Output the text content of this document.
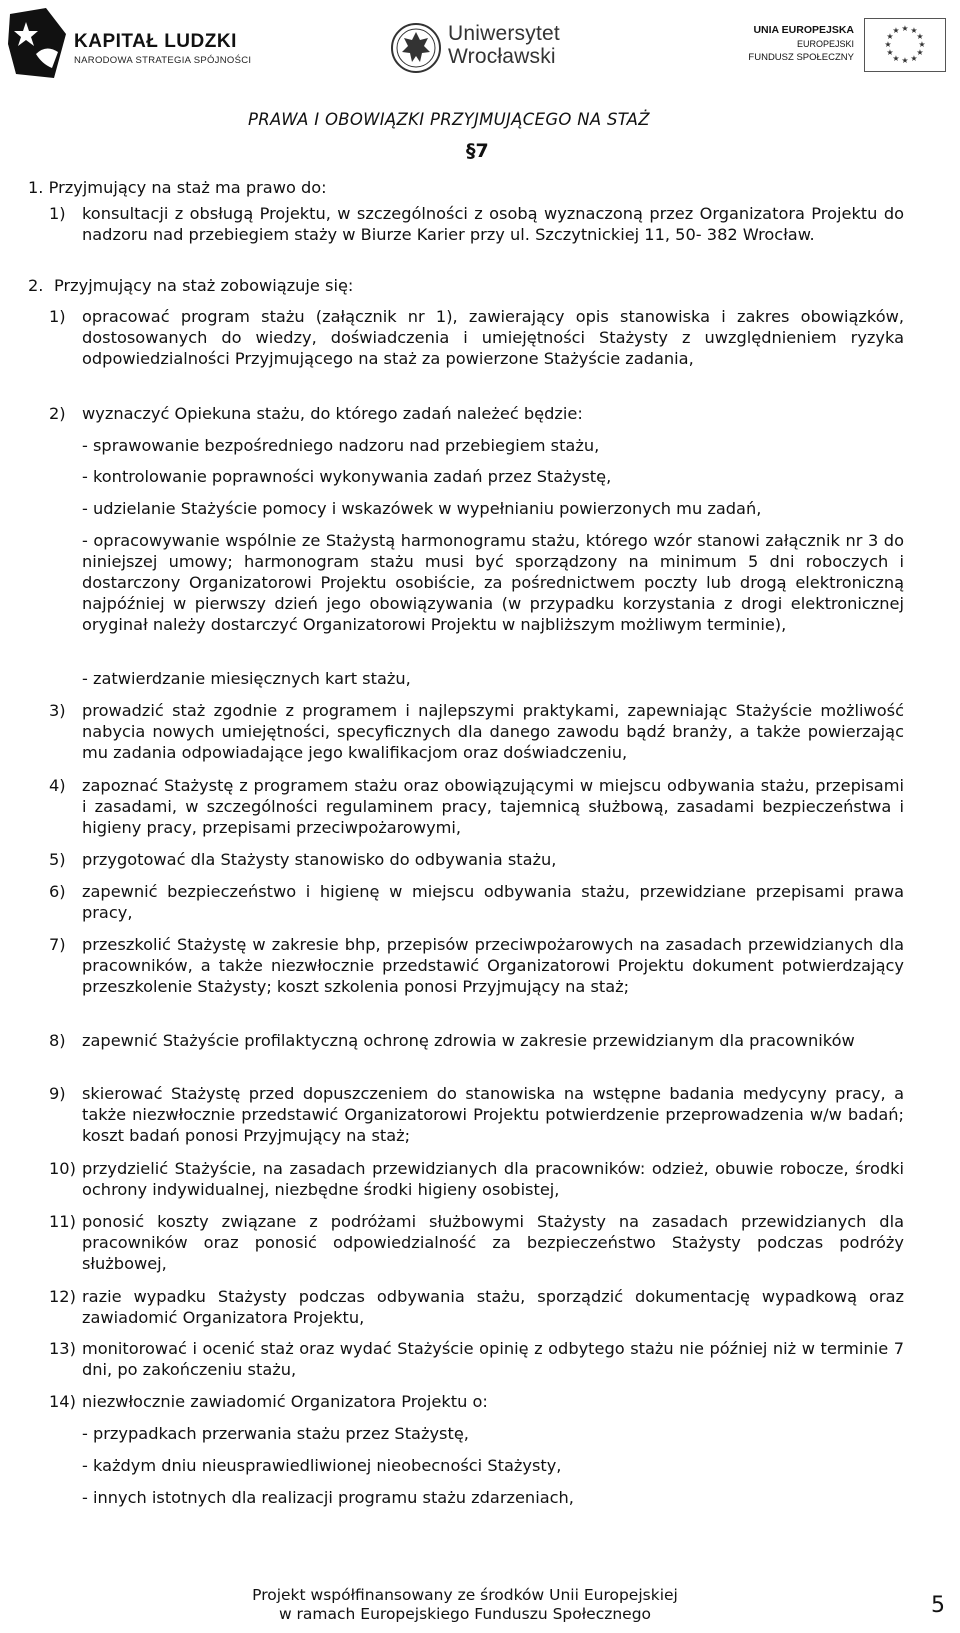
KAPITAŁ LUDZKI
NARODOWA STRATEGIA SPÓJNOŚCI
Uniwersytet
Wrocławski
UNIA EUROPEJSKA
EUROPEJSKI
FUNDUSZ SPOŁECZNY
★ ★
★
★
★
★
★
★
★
★
★
★
PRAWA I OBOWIĄZKI PRZYJMUJĄCEGO NA STAŻ
§7
1. Przyjmujący na staż ma prawo do:
1) konsultacji z obsługą Projektu, w szczególności z osobą wyznaczoną przez Organizatora Projektu do nadzoru nad przebiegiem staży w Biurze Karier przy ul. Szczytnickiej 11, 50- 382 Wrocław.
2. Przyjmujący na staż zobowiązuje się:
1) opracować program stażu (załącznik nr 1), zawierający opis stanowiska i zakres obowiązków, dostosowanych do wiedzy, doświadczenia i umiejętności Stażysty z uwzględnieniem ryzyka odpowiedzialności Przyjmującego na staż za powierzone Stażyście zadania,
2) wyznaczyć Opiekuna stażu, do którego zadań należeć będzie:
- sprawowanie bezpośredniego nadzoru nad przebiegiem stażu,
- kontrolowanie poprawności wykonywania zadań przez Stażystę,
- udzielanie Stażyście pomocy i wskazówek w wypełnianiu powierzonych mu zadań,
- opracowywanie wspólnie ze Stażystą harmonogramu stażu, którego wzór stanowi załącznik nr 3 do niniejszej umowy; harmonogram stażu musi być sporządzony na minimum 5 dni roboczych i dostarczony Organizatorowi Projektu osobiście, za pośrednictwem poczty lub drogą elektroniczną najpóźniej w pierwszy dzień jego obowiązywania (w przypadku korzystania z drogi elektronicznej oryginał należy dostarczyć Organizatorowi Projektu w najbliższym możliwym terminie),
- zatwierdzanie miesięcznych kart stażu,
3) prowadzić staż zgodnie z programem i najlepszymi praktykami, zapewniając Stażyście możliwość nabycia nowych umiejętności, specyficznych dla danego zawodu bądź branży, a także powierzając mu zadania odpowiadające jego kwalifikacjom oraz doświadczeniu,
4) zapoznać Stażystę z programem stażu oraz obowiązującymi w miejscu odbywania stażu, przepisami i zasadami, w szczególności regulaminem pracy, tajemnicą służbową, zasadami bezpieczeństwa i higieny pracy, przepisami przeciwpożarowymi,
5) przygotować dla Stażysty stanowisko do odbywania stażu,
6) zapewnić bezpieczeństwo i higienę w miejscu odbywania stażu, przewidziane przepisami prawa pracy,
7) przeszkolić Stażystę w zakresie bhp, przepisów przeciwpożarowych na zasadach przewidzianych dla pracowników, a także niezwłocznie przedstawić Organizatorowi Projektu dokument potwierdzający przeszkolenie Stażysty; koszt szkolenia ponosi Przyjmujący na staż;
8) zapewnić Stażyście profilaktyczną ochronę zdrowia w zakresie przewidzianym dla pracowników
9) skierować Stażystę przed dopuszczeniem do stanowiska na wstępne badania medycyny pracy, a także niezwłocznie przedstawić Organizatorowi Projektu potwierdzenie przeprowadzenia w/w badań; koszt badań ponosi Przyjmujący na staż;
10) przydzielić Stażyście, na zasadach przewidzianych dla pracowników: odzież, obuwie robocze, środki ochrony indywidualnej, niezbędne środki higieny osobistej,
11) ponosić koszty związane z podróżami służbowymi Stażysty na zasadach przewidzianych dla pracowników oraz ponosić odpowiedzialność za bezpieczeństwo Stażysty podczas podróży służbowej,
12) razie wypadku Stażysty podczas odbywania stażu, sporządzić dokumentację wypadkową oraz zawiadomić Organizatora Projektu,
13) monitorować i ocenić staż oraz wydać Stażyście opinię z odbytego stażu nie później niż w terminie 7 dni, po zakończeniu stażu,
14) niezwłocznie zawiadomić Organizatora Projektu o:
- przypadkach przerwania stażu przez Stażystę,
- każdym dniu nieusprawiedliwionej nieobecności Stażysty,
- innych istotnych dla realizacji programu stażu zdarzeniach,
Projekt współfinansowany ze środków Unii Europejskiej
w ramach Europejskiego Funduszu Społecznego	5
